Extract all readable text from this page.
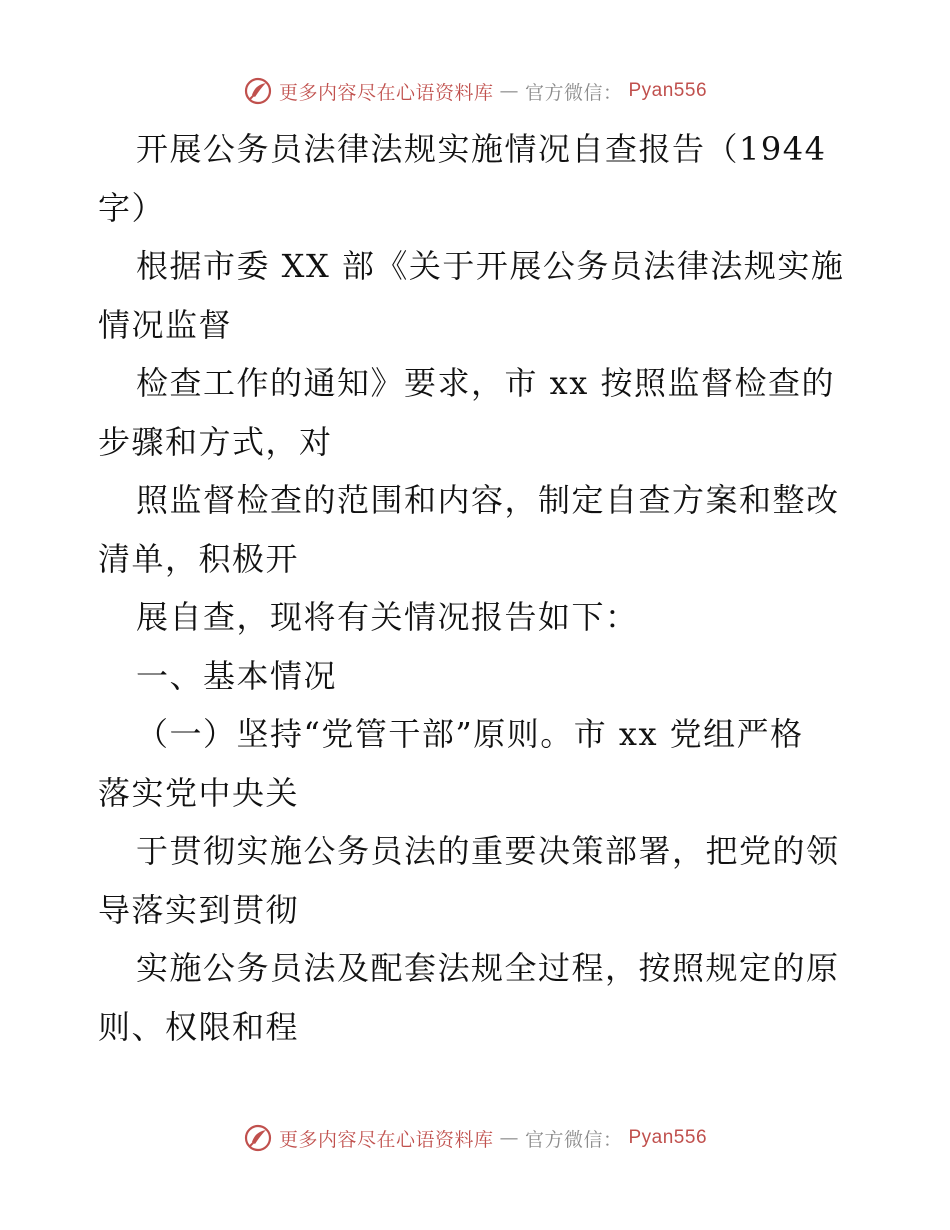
更多内容尽在心语资料库 — 官方微信： Pyan556
开展公务员法律法规实施情况自查报告（1944
字）
根据市委 XX 部《关于开展公务员法律法规实施
情况监督
检查工作的通知》要求，市 xx 按照监督检查的
步骤和方式，对
照监督检查的范围和内容，制定自查方案和整改
清单，积极开
展自查，现将有关情况报告如下：
一、基本情况
（一）坚持“党管干部”原则。市 xx 党组严格
落实党中央关
于贯彻实施公务员法的重要决策部署，把党的领
导落实到贯彻
实施公务员法及配套法规全过程，按照规定的原
则、权限和程
更多内容尽在心语资料库 — 官方微信： Pyan556
